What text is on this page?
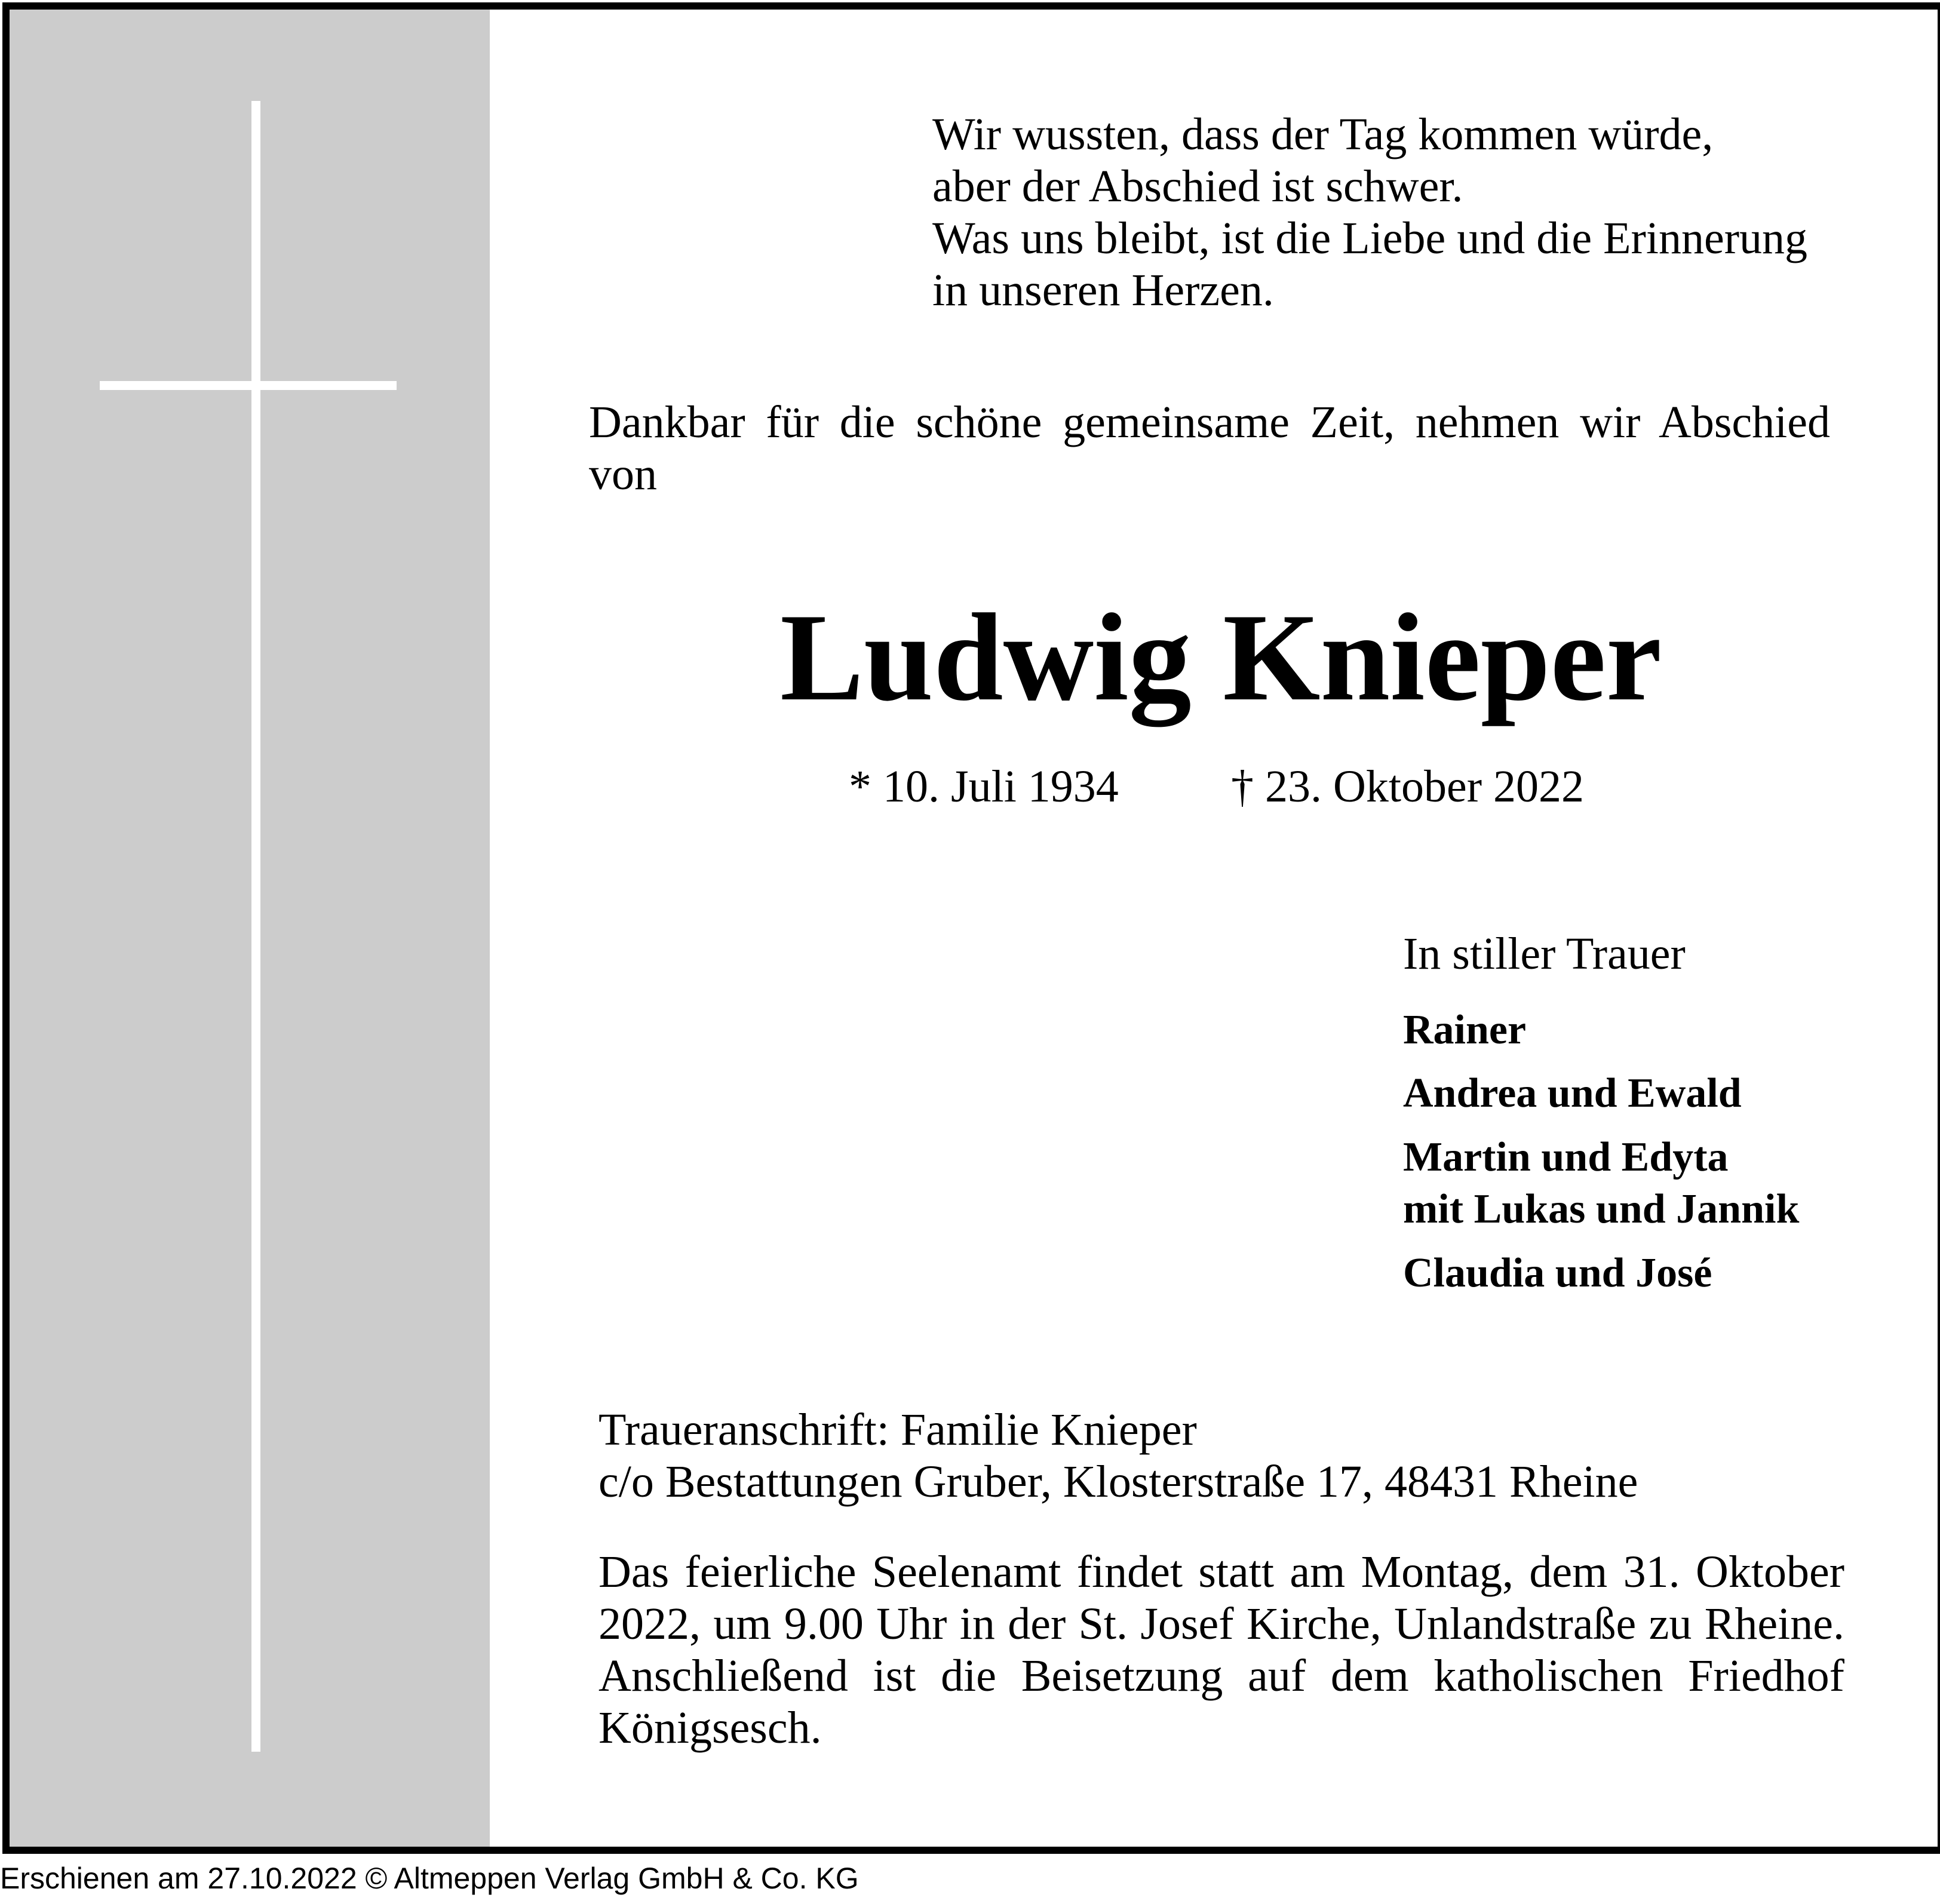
Wir wussten, dass der Tag kommen würde,
aber der Abschied ist schwer.
Was uns bleibt, ist die Liebe und die Erinnerung
in unseren Herzen.
Dankbar für die schöne gemeinsame Zeit, nehmen wir Abschied von
Ludwig Knieper
* 10. Juli 1934 † 23. Oktober 2022
In stiller Trauer
Rainer
Andrea und Ewald
Martin und Edyta
mit Lukas und Jannik
Claudia und José
Traueranschrift: Familie Knieper
c/o Bestattungen Gruber, Klosterstraße 17, 48431 Rheine
Das feierliche Seelenamt findet statt am Montag, dem 31. Oktober 2022, um 9.00 Uhr in der St. Josef Kirche, Unlandstraße zu Rheine. Anschließend ist die Beisetzung auf dem katholischen Friedhof Königsesch.
Erschienen am 27.10.2022 © Altmeppen Verlag GmbH & Co. KG
